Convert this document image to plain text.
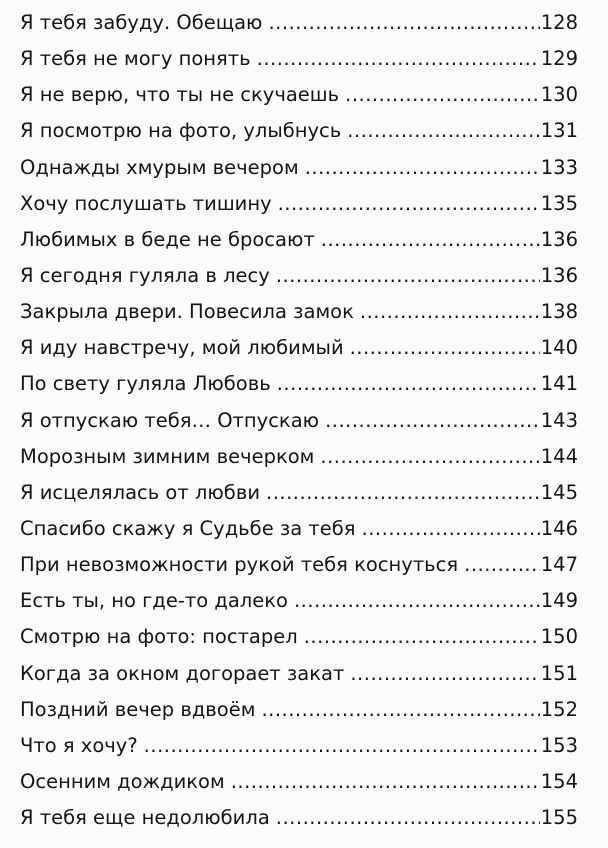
Я тебя забуду. Обещаю .....	128
Я тебя не могу понять .....	129
Я не верю, что ты не скучаешь .....	130
Я посмотрю на фото, улыбнусь .....	131
Однажды хмурым вечером .....	133
Хочу послушать тишину .....	135
Любимых в беде не бросают .....	136
Я сегодня гуляла в лесу .....	136
Закрыла двери. Повесила замок .....	138
Я иду навстречу, мой любимый .....	140
По свету гуляла Любовь .....	141
Я отпускаю тебя… Отпускаю .....	143
Морозным зимним вечерком .....	144
Я исцелялась от любви .....	145
Спасибо скажу я Судьбе за тебя .....	146
При невозможности рукой тебя коснуться .....	147
Есть ты, но где-то далеко .....	149
Смотрю на фото: постарел .....	150
Когда за окном догорает закат .....	151
Поздний вечер вдвоём .....	152
Что я хочу? .....	153
Осенним дождиком .....	154
Я тебя еще недолюбила .....	155
